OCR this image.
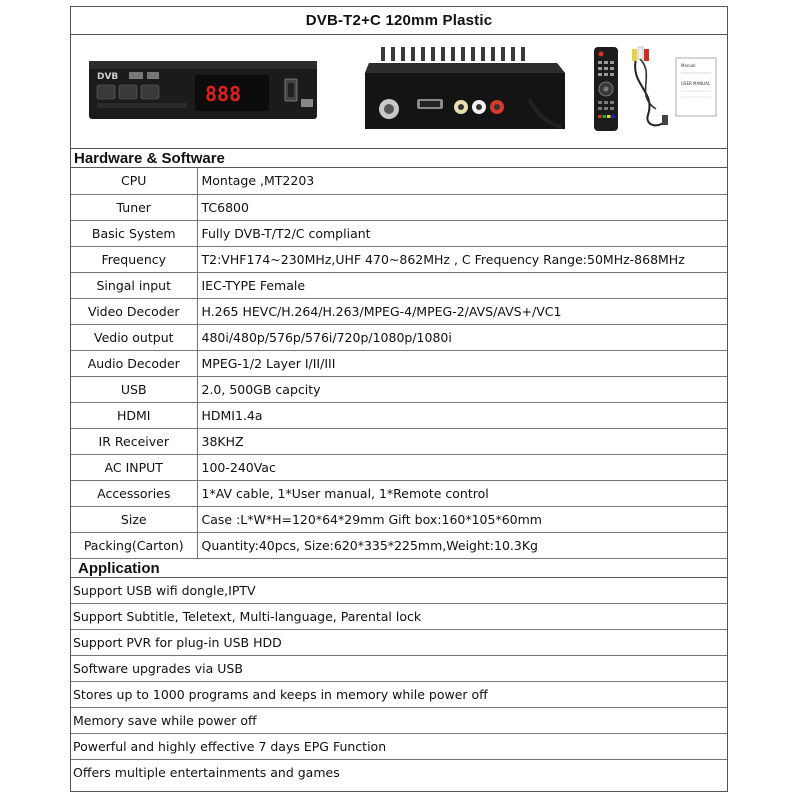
DVB-T2+C 120mm Plastic
DVB
888
Manual
USER MANUAL
Hardware & Software
CPU	Montage ,MT2203
Tuner	TC6800
Basic System	Fully DVB-T/T2/C compliant
Frequency	T2:VHF174~230MHz,UHF 470~862MHz , C Frequency Range:50MHz-868MHz
Singal input	IEC-TYPE Female
Video Decoder	H.265 HEVC/H.264/H.263/MPEG-4/MPEG-2/AVS/AVS+/VC1
Vedio output	480i/480p/576p/576i/720p/1080p/1080i
Audio Decoder	MPEG-1/2 Layer I/II/III
USB	2.0, 500GB capcity
HDMI	HDMI1.4a
IR Receiver	38KHZ
AC INPUT	100-240Vac
Accessories	1*AV cable, 1*User manual, 1*Remote control
Size	Case :L*W*H=120*64*29mm Gift box:160*105*60mm
Packing(Carton)	Quantity:40pcs, Size:620*335*225mm,Weight:10.3Kg
Application
Support USB wifi dongle,IPTV
Support Subtitle, Teletext, Multi-language, Parental lock
Support PVR for plug-in USB HDD
Software upgrades via USB
Stores up to 1000 programs and keeps in memory while power off
Memory save while power off
Powerful and highly effective 7 days EPG Function
Offers multiple entertainments and games
